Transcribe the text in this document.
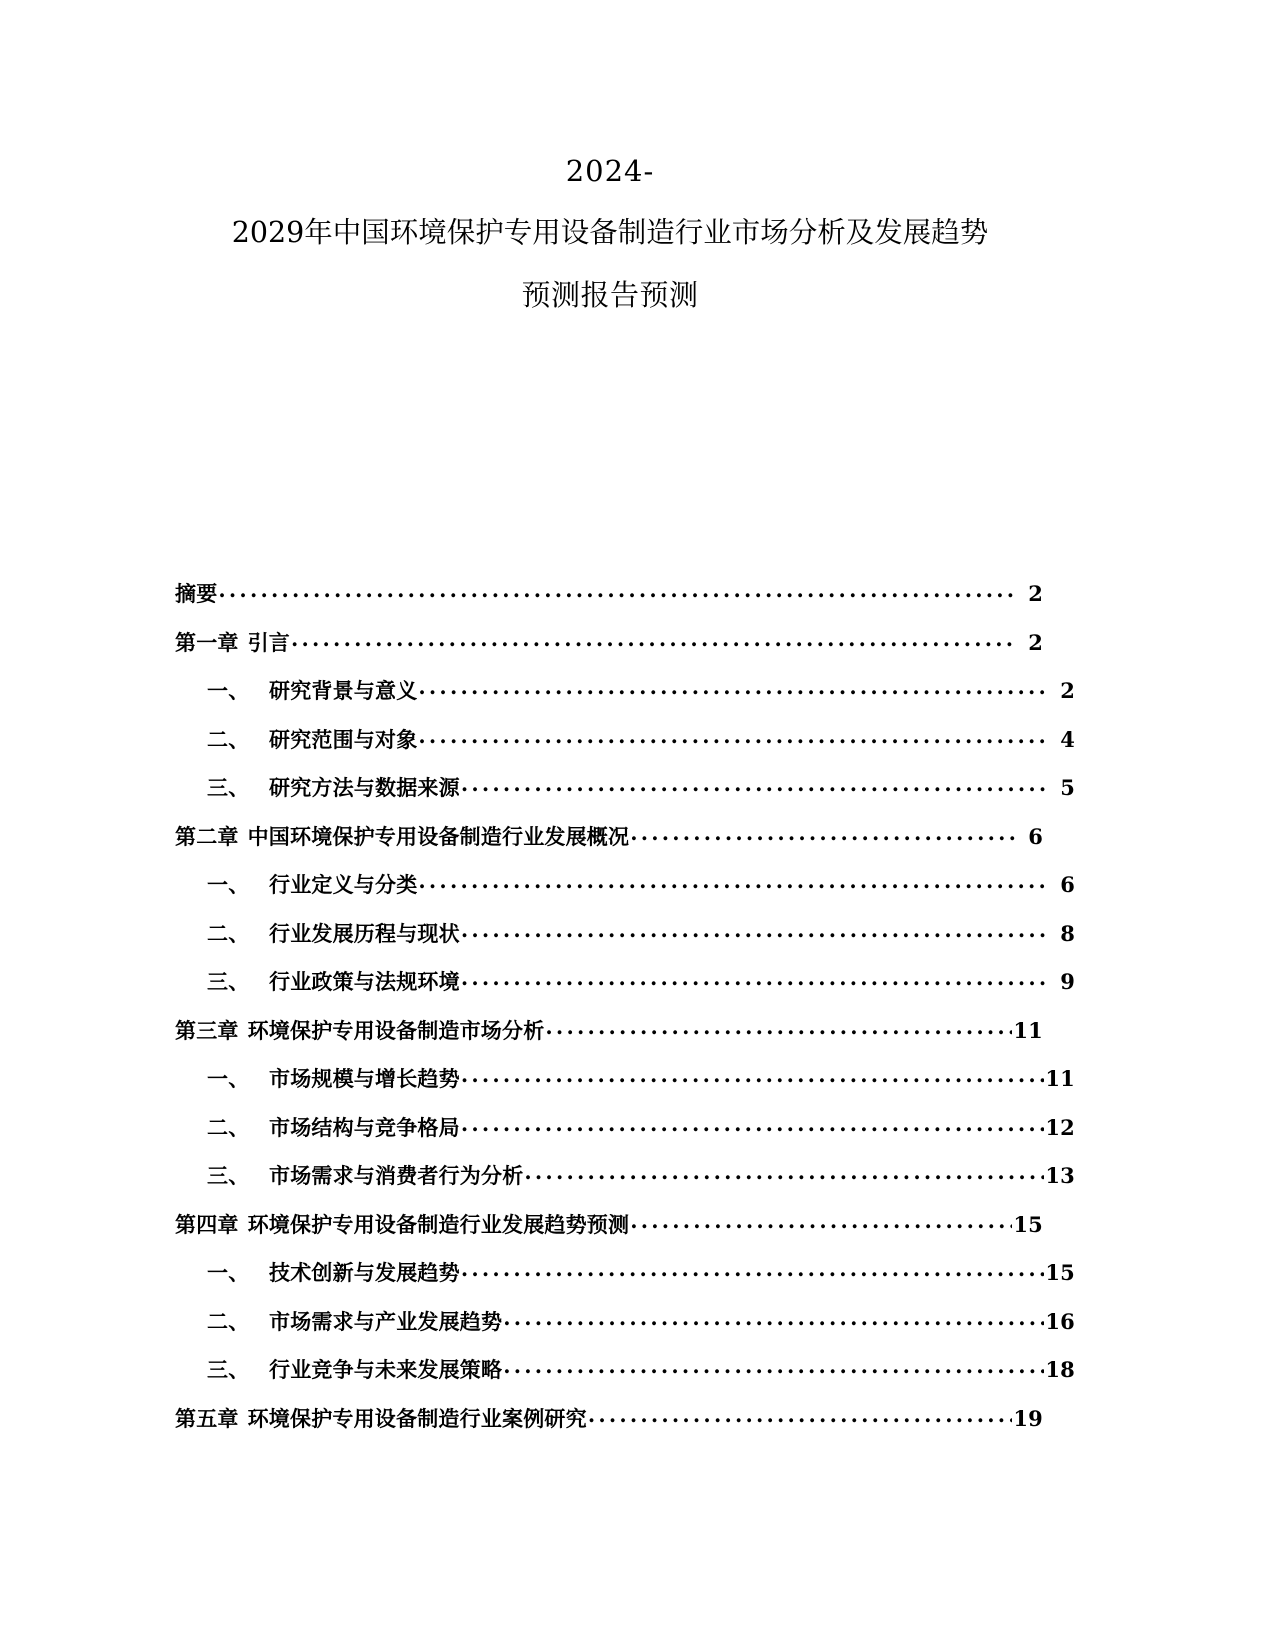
2024-
2029年中国环境保护专用设备制造行业市场分析及发展趋势
预测报告预测
摘要 .....	2
第一章 引言 .....	2
一、 研究背景与意义 .....	2
二、 研究范围与对象 .....	4
三、 研究方法与数据来源 .....	5
第二章 中国环境保护专用设备制造行业发展概况 .....	6
一、 行业定义与分类 .....	6
二、 行业发展历程与现状 .....	8
三、 行业政策与法规环境 .....	9
第三章 环境保护专用设备制造市场分析 .....	11
一、 市场规模与增长趋势 .....	11
二、 市场结构与竞争格局 .....	12
三、 市场需求与消费者行为分析 .....	13
第四章 环境保护专用设备制造行业发展趋势预测 .....	15
一、 技术创新与发展趋势 .....	15
二、 市场需求与产业发展趋势 .....	16
三、 行业竞争与未来发展策略 .....	18
第五章 环境保护专用设备制造行业案例研究 .....	19
